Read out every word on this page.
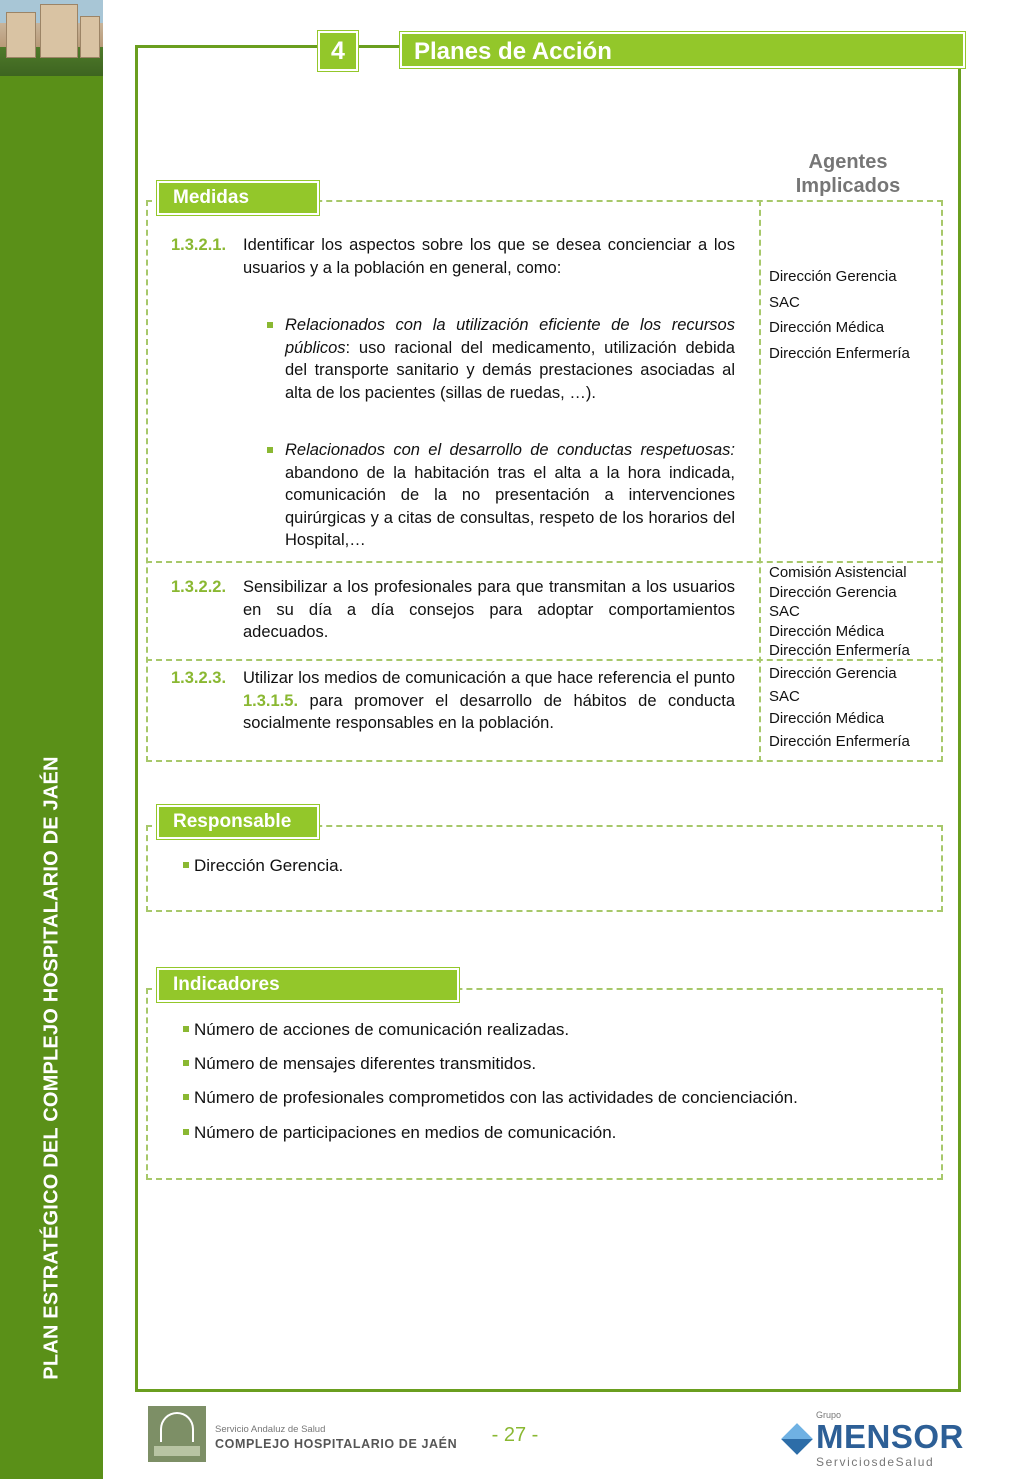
PLAN ESTRATÉGICO DEL COMPLEJO HOSPITALARIO DE JAÉN
4	Planes de Acción
Medidas
Agentes Implicados
1.3.2.1. Identificar los aspectos sobre los que se desea concienciar a los usuarios y a la población en general, como:
Relacionados con la utilización eficiente de los recursos públicos: uso racional del medicamento, utilización debida del transporte sanitario y demás prestaciones asociadas al alta de los pacientes (sillas de ruedas, …).
Relacionados con el desarrollo de conductas respetuosas: abandono de la habitación tras el alta a la hora indicada, comunicación de la no presentación a intervenciones quirúrgicas y a citas de consultas, respeto de los horarios del Hospital,…
Dirección Gerencia
SAC
Dirección Médica
Dirección Enfermería
1.3.2.2. Sensibilizar a los profesionales para que transmitan a los usuarios en su día a día consejos para adoptar comportamientos adecuados.
Comisión Asistencial
Dirección Gerencia
SAC
Dirección Médica
Dirección Enfermería
1.3.2.3. Utilizar los medios de comunicación a que hace referencia el punto 1.3.1.5. para promover el desarrollo de hábitos de conducta socialmente responsables en la población.
Dirección Gerencia
SAC
Dirección Médica
Dirección Enfermería
Responsable
Dirección Gerencia.
Indicadores
Número de acciones de comunicación realizadas.
Número de mensajes diferentes transmitidos.
Número de profesionales comprometidos con las actividades de concienciación.
Número de participaciones en medios de comunicación.
Servicio Andaluz de Salud
COMPLEJO HOSPITALARIO DE JAÉN	- 27 -
Grupo
MENSOR
ServiciosdeSalud
